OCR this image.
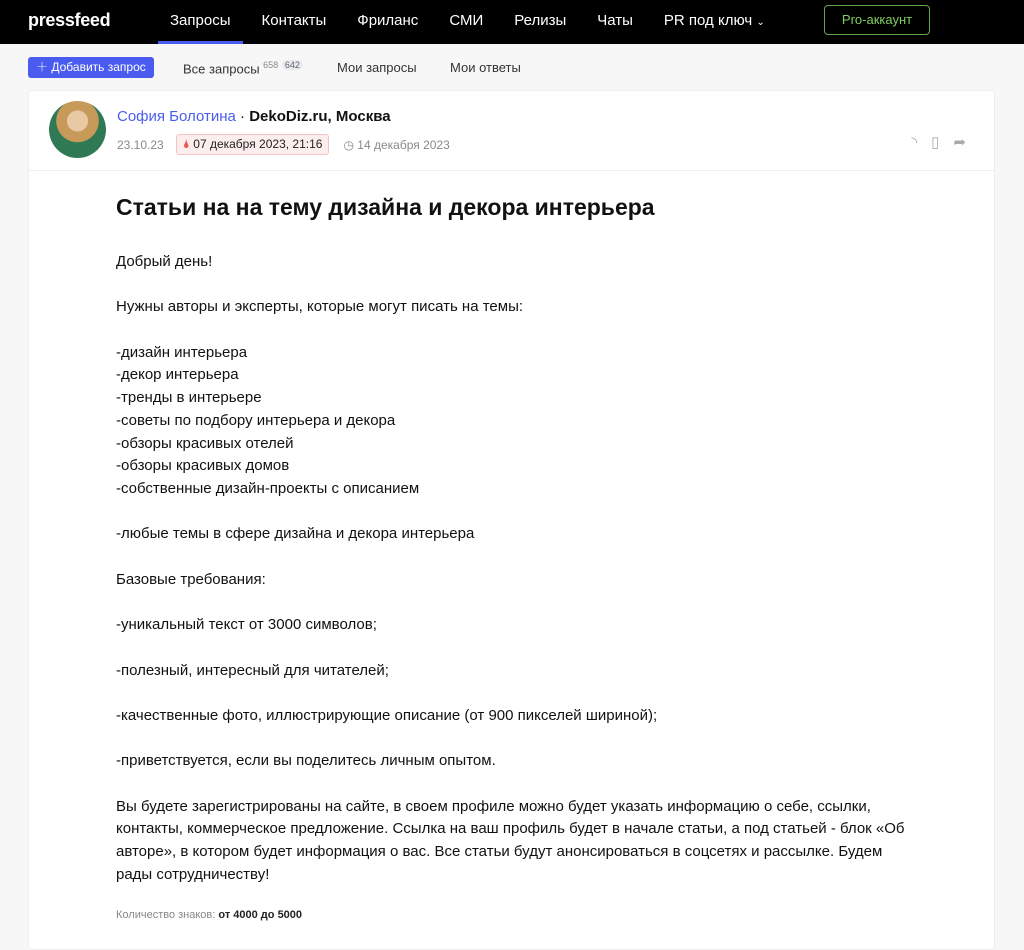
pressfeed	Запросы	Контакты	Фриланс	СМИ	Релизы	Чаты	PR под ключ ⌄	Pro-аккаунт
＋ Добавить запрос	Все запросы $^{658}$ $^{642}$	Мои запросы	Мои ответы
София Болотина · DekoDiz.ru, Москва
23.10.23	🌢 07 декабря 2023, 21:16	◷ 14 декабря 2023	◝ ▯ ➦
Статьи на на тему дизайна и декора интерьера
Добрый день!
Нужны авторы и эксперты, которые могут писать на темы:
-дизайн интерьера
-декор интерьера
-тренды в интерьере
-советы по подбору интерьера и декора
-обзоры красивых отелей
-обзоры красивых домов
-собственные дизайн-проекты с описанием
-любые темы в сфере дизайна и декора интерьера
Базовые требования:
-уникальный текст от 3000 символов;
-полезный, интересный для читателей;
-качественные фото, иллюстрирующие описание (от 900 пикселей шириной);
-приветствуется, если вы поделитесь личным опытом.
Вы будете зарегистрированы на сайте, в своем профиле можно будет указать информацию о себе, ссылки, контакты, коммерческое предложение. Ссылка на ваш профиль будет в начале статьи, а под статьей - блок «Об авторе», в котором будет информация о вас. Все статьи будут анонсироваться в соцсетях и рассылке. Будем рады сотрудничеству!
Количество знаков: от 4000 до 5000
